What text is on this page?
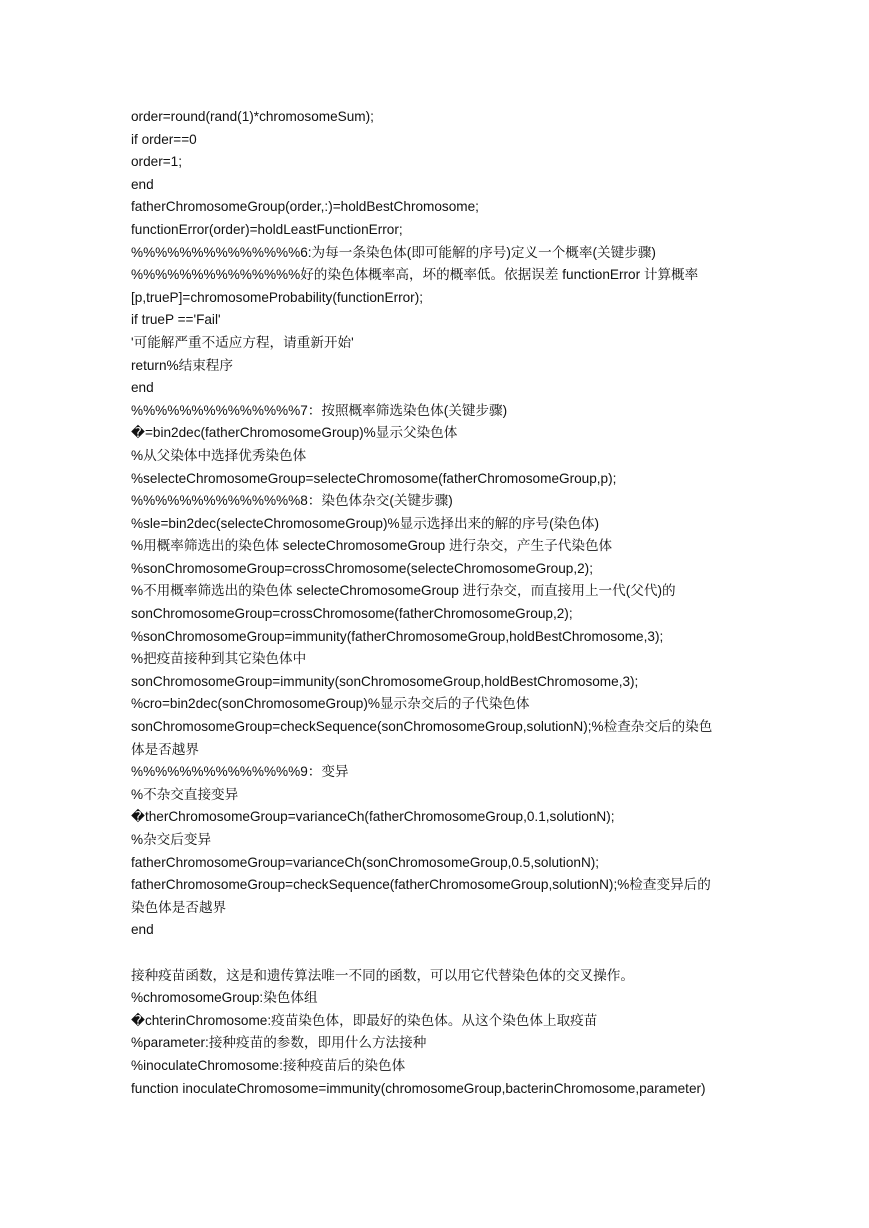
order=round(rand(1)*chromosomeSum);
if order==0
order=1;
end
fatherChromosomeGroup(order,:)=holdBestChromosome;
functionError(order)=holdLeastFunctionError;
%%%%%%%%%%%%%%6:为每一条染色体(即可能解的序号)定义一个概率(关键步骤)
%%%%%%%%%%%%%%好的染色体概率高，坏的概率低。依据误差 functionError 计算概率
[p,trueP]=chromosomeProbability(functionError);
if trueP =='Fail'
'可能解严重不适应方程，请重新开始'
return%结束程序
end
%%%%%%%%%%%%%%7：按照概率筛选染色体(关键步骤)
�=bin2dec(fatherChromosomeGroup)%显示父染色体
%从父染体中选择优秀染色体
%selecteChromosomeGroup=selecteChromosome(fatherChromosomeGroup,p);
%%%%%%%%%%%%%%8：染色体杂交(关键步骤)
%sle=bin2dec(selecteChromosomeGroup)%显示选择出来的解的序号(染色体)
%用概率筛选出的染色体 selecteChromosomeGroup 进行杂交，产生子代染色体
%sonChromosomeGroup=crossChromosome(selecteChromosomeGroup,2);
%不用概率筛选出的染色体 selecteChromosomeGroup 进行杂交，而直接用上一代(父代)的
sonChromosomeGroup=crossChromosome(fatherChromosomeGroup,2);
%sonChromosomeGroup=immunity(fatherChromosomeGroup,holdBestChromosome,3);
%把疫苗接种到其它染色体中
sonChromosomeGroup=immunity(sonChromosomeGroup,holdBestChromosome,3);
%cro=bin2dec(sonChromosomeGroup)%显示杂交后的子代染色体
sonChromosomeGroup=checkSequence(sonChromosomeGroup,solutionN);%检查杂交后的染色
体是否越界
%%%%%%%%%%%%%%9：变异
%不杂交直接变异
�therChromosomeGroup=varianceCh(fatherChromosomeGroup,0.1,solutionN);
%杂交后变异
fatherChromosomeGroup=varianceCh(sonChromosomeGroup,0.5,solutionN);
fatherChromosomeGroup=checkSequence(fatherChromosomeGroup,solutionN);%检查变异后的
染色体是否越界
end
接种疫苗函数，这是和遗传算法唯一不同的函数，可以用它代替染色体的交叉操作。
%chromosomeGroup:染色体组
�chterinChromosome:疫苗染色体，即最好的染色体。从这个染色体上取疫苗
%parameter:接种疫苗的参数，即用什么方法接种
%inoculateChromosome:接种疫苗后的染色体
function inoculateChromosome=immunity(chromosomeGroup,bacterinChromosome,parameter)
